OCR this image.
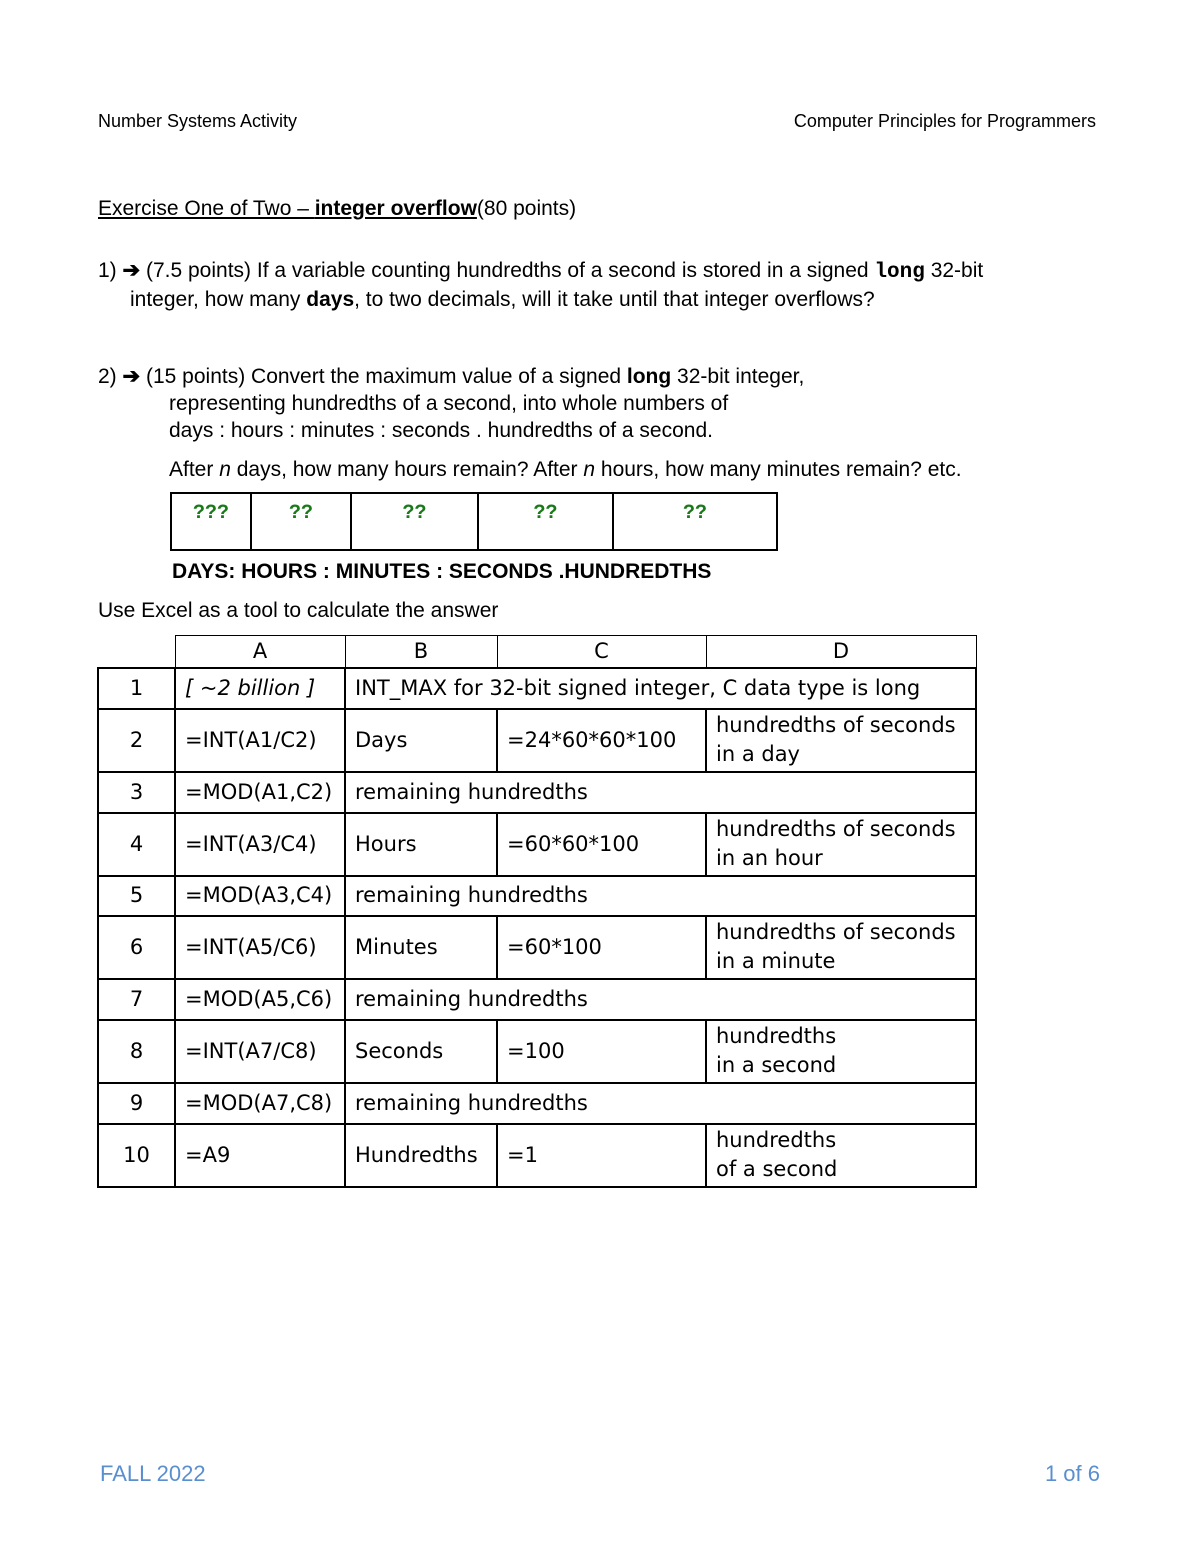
Number Systems Activity	Computer Principles for Programmers
Exercise One of Two – integer overflow(80 points)
1) ➔ (7.5 points) If a variable counting hundredths of a second is stored in a signed long 32-bit
integer, how many days, to two decimals, will it take until that integer overflows?
2) ➔ (15 points) Convert the maximum value of a signed long 32-bit integer,
representing hundredths of a second, into whole numbers of
days : hours : minutes : seconds . hundredths of a second.
After n days, how many hours remain? After n hours, how many minutes remain? etc.
???	??	??	??	??
DAYS: HOURS : MINUTES : SECONDS .HUNDREDTHS
Use Excel as a tool to calculate the answer
	A	B	C	D
1	[ ~2 billion ]	INT_MAX for 32-bit signed integer, C data type is long		
2	=INT(A1/C2)	Days	=24*60*60*100	hundredths of seconds
in a day

3	=MOD(A1,C2)	remaining hundredths		
4	=INT(A3/C4)	Hours	=60*60*100	hundredths of seconds
in an hour

5	=MOD(A3,C4)	remaining hundredths		
6	=INT(A5/C6)	Minutes	=60*100	hundredths of seconds
in a minute

7	=MOD(A5,C6)	remaining hundredths		
8	=INT(A7/C8)	Seconds	=100	hundredths
in a second

9	=MOD(A7,C8)	remaining hundredths		
10	=A9	Hundredths	=1	hundredths
of a second
FALL 2022	1 of 6
